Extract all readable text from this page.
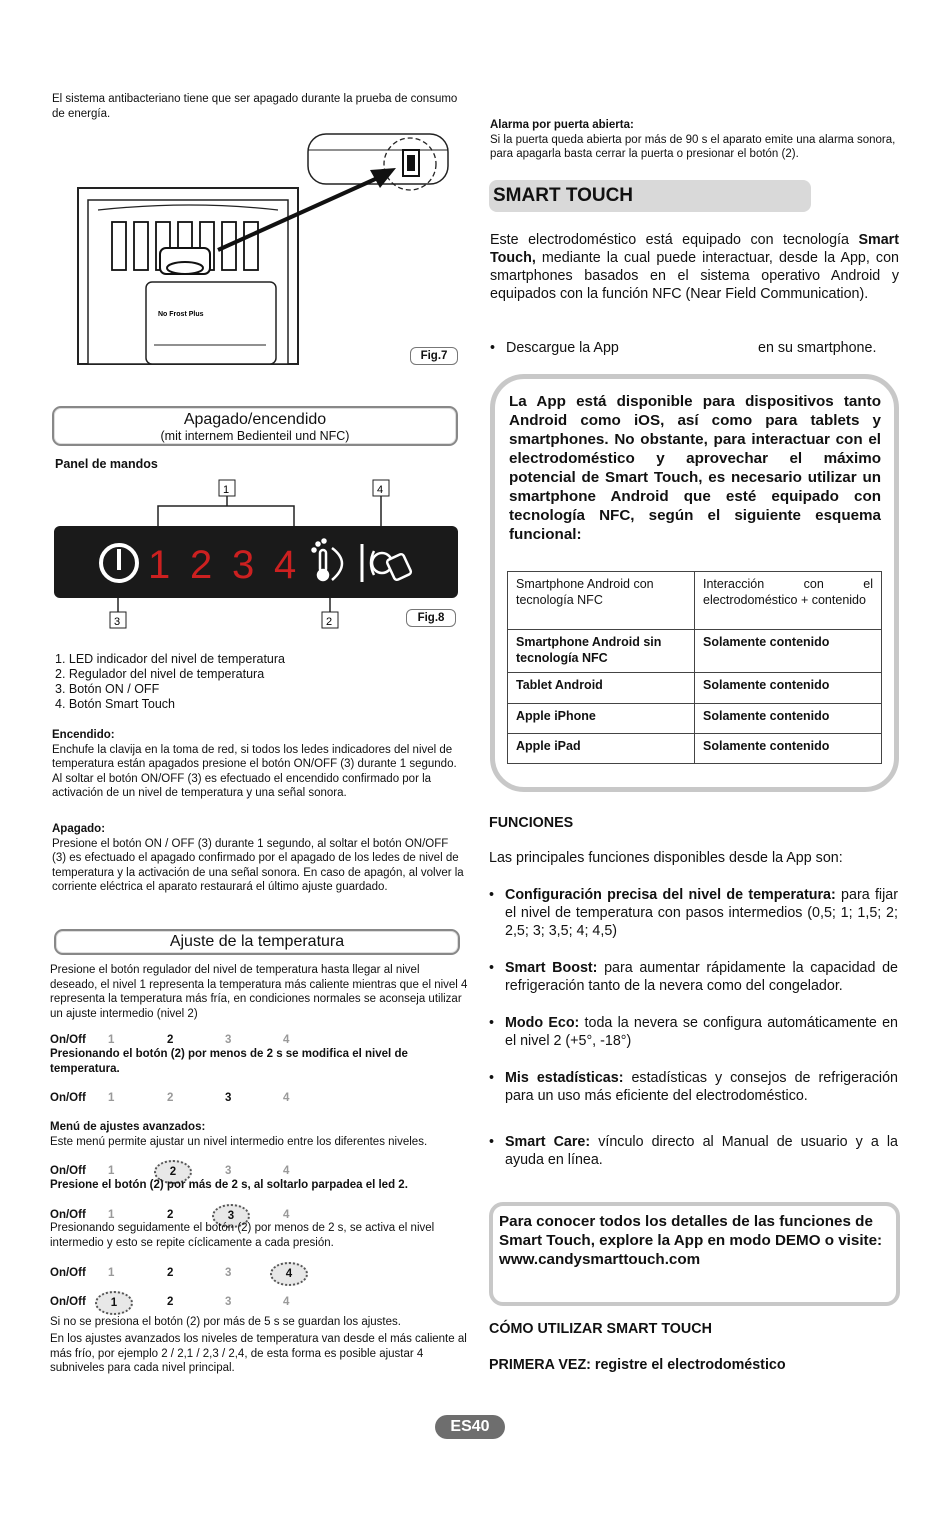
El sistema antibacteriano tiene que ser apagado durante la prueba de consumo de energía.
No Frost Plus
Fig.7
Apagado/encendido
(mit internem Bedienteil und NFC)
Panel de mandos
1	4
1 2 3 4
3	2	Fig.8
1. LED indicador del nivel de temperatura
2. Regulador del nivel de temperatura
3. Botón ON / OFF
4. Botón Smart Touch
Encendido:
Enchufe la clavija en la toma de red, si todos los ledes indicadores del nivel de temperatura están apagados presione el botón ON/OFF (3) durante 1 segundo. Al soltar el botón ON/OFF (3) es efectuado el encendido confirmado por la activación de un nivel de temperatura y una señal sonora.
Apagado:
Presione el botón ON / OFF (3) durante 1 segundo, al soltar el botón ON/OFF (3) es efectuado el apagado confirmado por el apagado de los ledes de nivel de temperatura y la activación de una señal sonora. En caso de apagón, al volver la corriente eléctrica el aparato restaurará el último ajuste guardado.
Ajuste de la temperatura
Presione el botón regulador del nivel de temperatura hasta llegar al nivel deseado, el nivel 1 representa la temperatura más caliente mientras que el nivel 4 representa la temperatura más fría, en condiciones normales se aconseja utilizar un ajuste intermedio (nivel 2)
On/Off 1	2	3	4
Presionando el botón (2) por menos de 2 s se modifica el nivel de temperatura.
On/Off 1	2	3	4
Menú de ajustes avanzados:
Este menú permite ajustar un nivel intermedio entre los diferentes niveles.
On/Off 1	2	3	4
Presione el botón (2) por más de 2 s, al soltarlo parpadea el led 2.
On/Off 1	2	3	4
Presionando seguidamente el botón (2) por menos de 2 s, se activa el nivel intermedio y esto se repite cíclicamente a cada presión.
On/Off 1	2	3	4
On/Off	1	2	3	4
Si no se presiona el botón (2) por más de 5 s se guardan los ajustes.
En los ajustes avanzados los niveles de temperatura van desde el más caliente al más frío, por ejemplo 2 / 2,1 / 2,3 / 2,4, de esta forma es posible ajustar 4 subniveles para cada nivel principal.
Alarma por puerta abierta:
Si la puerta queda abierta por más de 90 s el aparato emite una alarma sonora, para apagarla basta cerrar la puerta o presionar el botón (2).
SMART TOUCH
Este electrodoméstico está equipado con tecnología Smart Touch, mediante la cual puede interactuar, desde la App, con smartphones basados en el sistema operativo Android y equipados con la función NFC (Near Field Communication).
• Descargue la App	en su smartphone.
La App está disponible para dispositivos tanto Android como iOS, así como para tablets y smartphones. No obstante, para interactuar con el electrodoméstico y aprovechar el máximo potencial de Smart Touch, es necesario utilizar un smartphone Android que esté equipado con tecnología NFC, según el siguiente esquema funcional:
Smartphone Android con tecnología NFC	Interacción con el electrodoméstico + contenido
Smartphone Android sin tecnología NFC	Solamente contenido
Tablet Android	Solamente contenido
Apple iPhone	Solamente contenido
Apple iPad	Solamente contenido
FUNCIONES
Las principales funciones disponibles desde la App son:
• Configuración precisa del nivel de temperatura: para fijar el nivel de temperatura con pasos intermedios (0,5; 1; 1,5; 2; 2,5; 3; 3,5; 4; 4,5)
• Smart Boost: para aumentar rápidamente la capacidad de refrigeración tanto de la nevera como del congelador.
• Modo Eco: toda la nevera se configura automáticamente en el nivel 2 (+5°, -18°)
• Mis estadísticas: estadísticas y consejos de refrigeración para un uso más eficiente del electrodoméstico.
• Smart Care: vínculo directo al Manual de usuario y a la ayuda en línea.
Para conocer todos los detalles de las funciones de Smart Touch, explore la App en modo DEMO o visite:
www.candysmarttouch.com
CÓMO UTILIZAR SMART TOUCH
PRIMERA VEZ: registre el electrodoméstico
ES40
